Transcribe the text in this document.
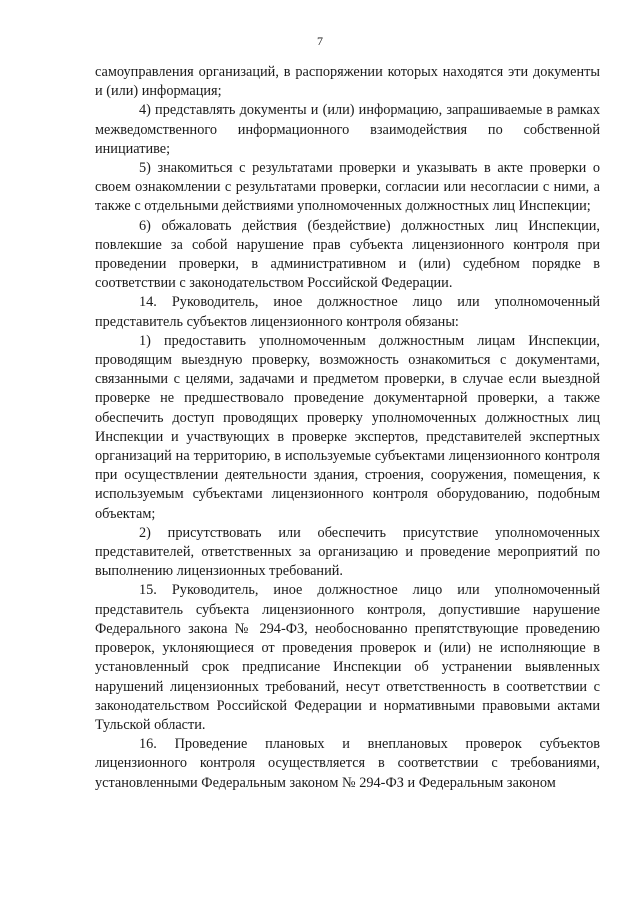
7

самоуправления организаций, в распоряжении которых находятся эти документы и (или) информация;

4) представлять документы и (или) информацию, запрашиваемые в рамках межведомственного информационного взаимодействия по собственной инициативе;

5) знакомиться с результатами проверки и указывать в акте проверки о своем ознакомлении с результатами проверки, согласии или несогласии с ними, а также с отдельными действиями уполномоченных должностных лиц Инспекции;

6) обжаловать действия (бездействие) должностных лиц Инспекции, повлекшие за собой нарушение прав субъекта лицензионного контроля при проведении проверки, в административном и (или) судебном порядке в соответствии с законодательством Российской Федерации.

14. Руководитель, иное должностное лицо или уполномоченный представитель субъектов лицензионного контроля обязаны:

1) предоставить уполномоченным должностным лицам Инспекции, проводящим выездную проверку, возможность ознакомиться с документами, связанными с целями, задачами и предметом проверки, в случае если выездной проверке не предшествовало проведение документарной проверки, а также обеспечить доступ проводящих проверку уполномоченных должностных лиц Инспекции и участвующих в проверке экспертов, представителей экспертных организаций на территорию, в используемые субъектами лицензионного контроля при осуществлении деятельности здания, строения, сооружения, помещения, к используемым субъектами лицензионного контроля оборудованию, подобным объектам;

2) присутствовать или обеспечить присутствие уполномоченных представителей, ответственных за организацию и проведение мероприятий по выполнению лицензионных требований.

15. Руководитель, иное должностное лицо или уполномоченный представитель субъекта лицензионного контроля, допустившие нарушение Федерального закона № 294-ФЗ, необоснованно препятствующие проведению проверок, уклоняющиеся от проведения проверок и (или) не исполняющие в установленный срок предписание Инспекции об устранении выявленных нарушений лицензионных требований, несут ответственность в соответствии с законодательством Российской Федерации и нормативными правовыми актами Тульской области.

16. Проведение плановых и внеплановых проверок субъектов лицензионного контроля осуществляется в соответствии с требованиями, установленными Федеральным законом № 294-ФЗ и Федеральным законом
